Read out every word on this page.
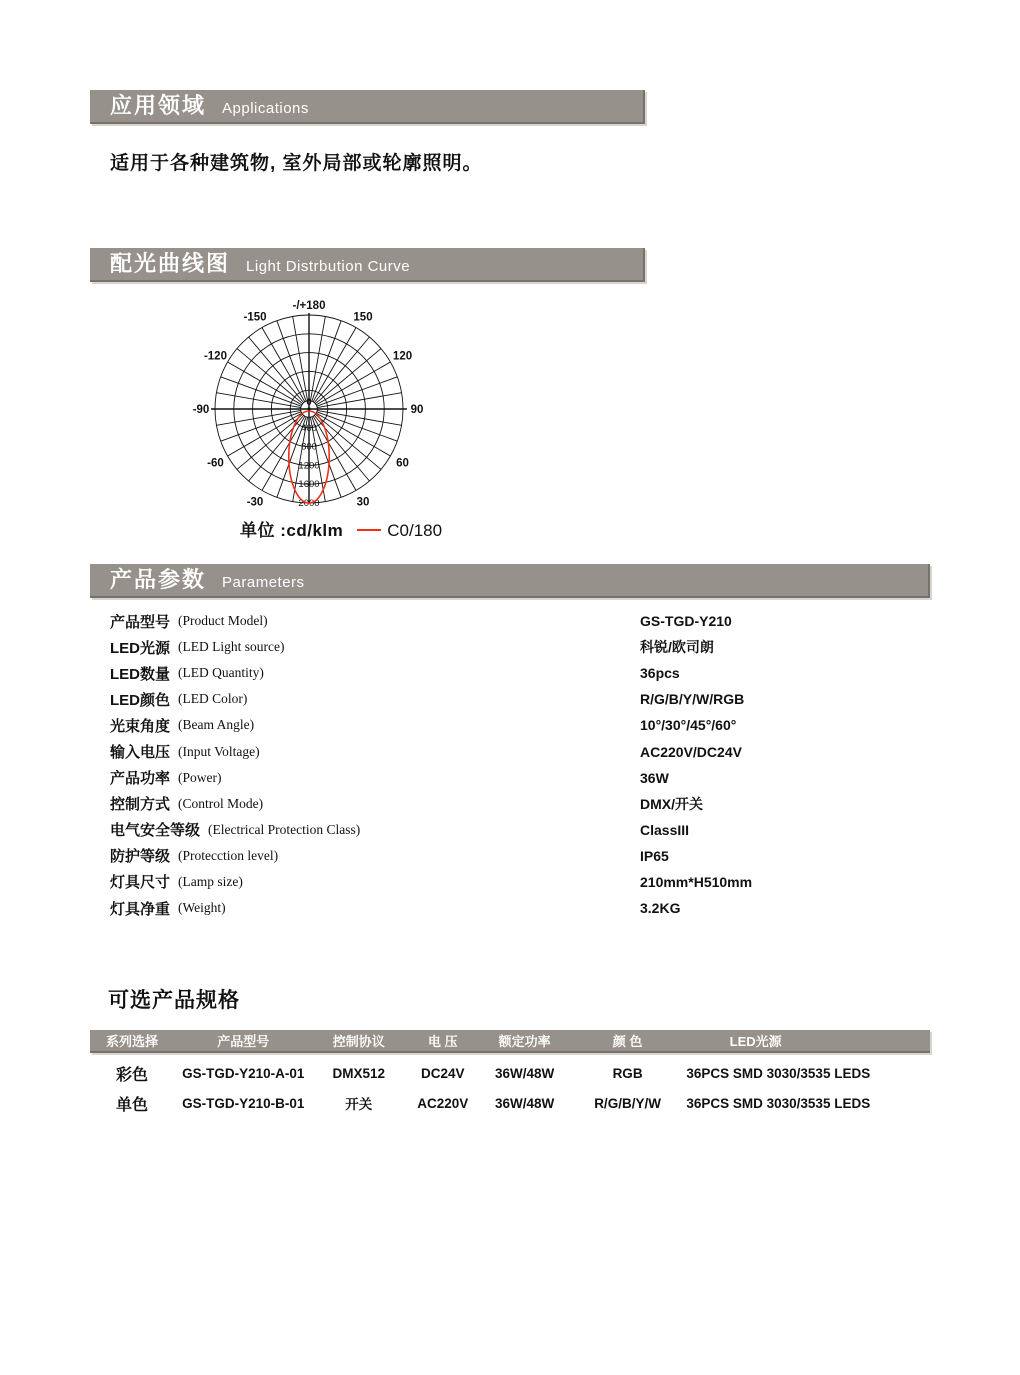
应用领域 Applications

适用于各种建筑物, 室外局部或轮廓照明。

配光曲线图 Light Distrbution Curve
-/+180
150
120
90
60
30
-150
-120
-90
-60
-30
0
400
800
1200
1600
2000
单位 :cd/klm	C0/180
产品参数 Parameters
产品型号 (Product Model)	GS-TGD-Y210
LED光源 (LED Light source)	科锐/欧司朗
LED数量 (LED Quantity)	36pcs
LED颜色 (LED Color)	R/G/B/Y/W/RGB
光束角度 (Beam Angle)	10°/30°/45°/60°
输入电压 (Input Voltage)	AC220V/DC24V
产品功率 (Power)	36W
控制方式 (Control Mode)	DMX/开关
电气安全等级 (Electrical Protection Class)	ClassIII
防护等级 (Protecction level)	IP65
灯具尺寸 (Lamp size)	210mm*H510mm
灯具净重 (Weight)	3.2KG
可选产品规格
系列选择	产品型号	控制协议	电 压	额定功率	颜 色	LED光源
彩色	GS-TGD-Y210-A-01	DMX512	DC24V	36W/48W	RGB	36PCS SMD 3030/3535 LEDS
单色	GS-TGD-Y210-B-01	开关	AC220V	36W/48W	R/G/B/Y/W	36PCS SMD 3030/3535 LEDS
